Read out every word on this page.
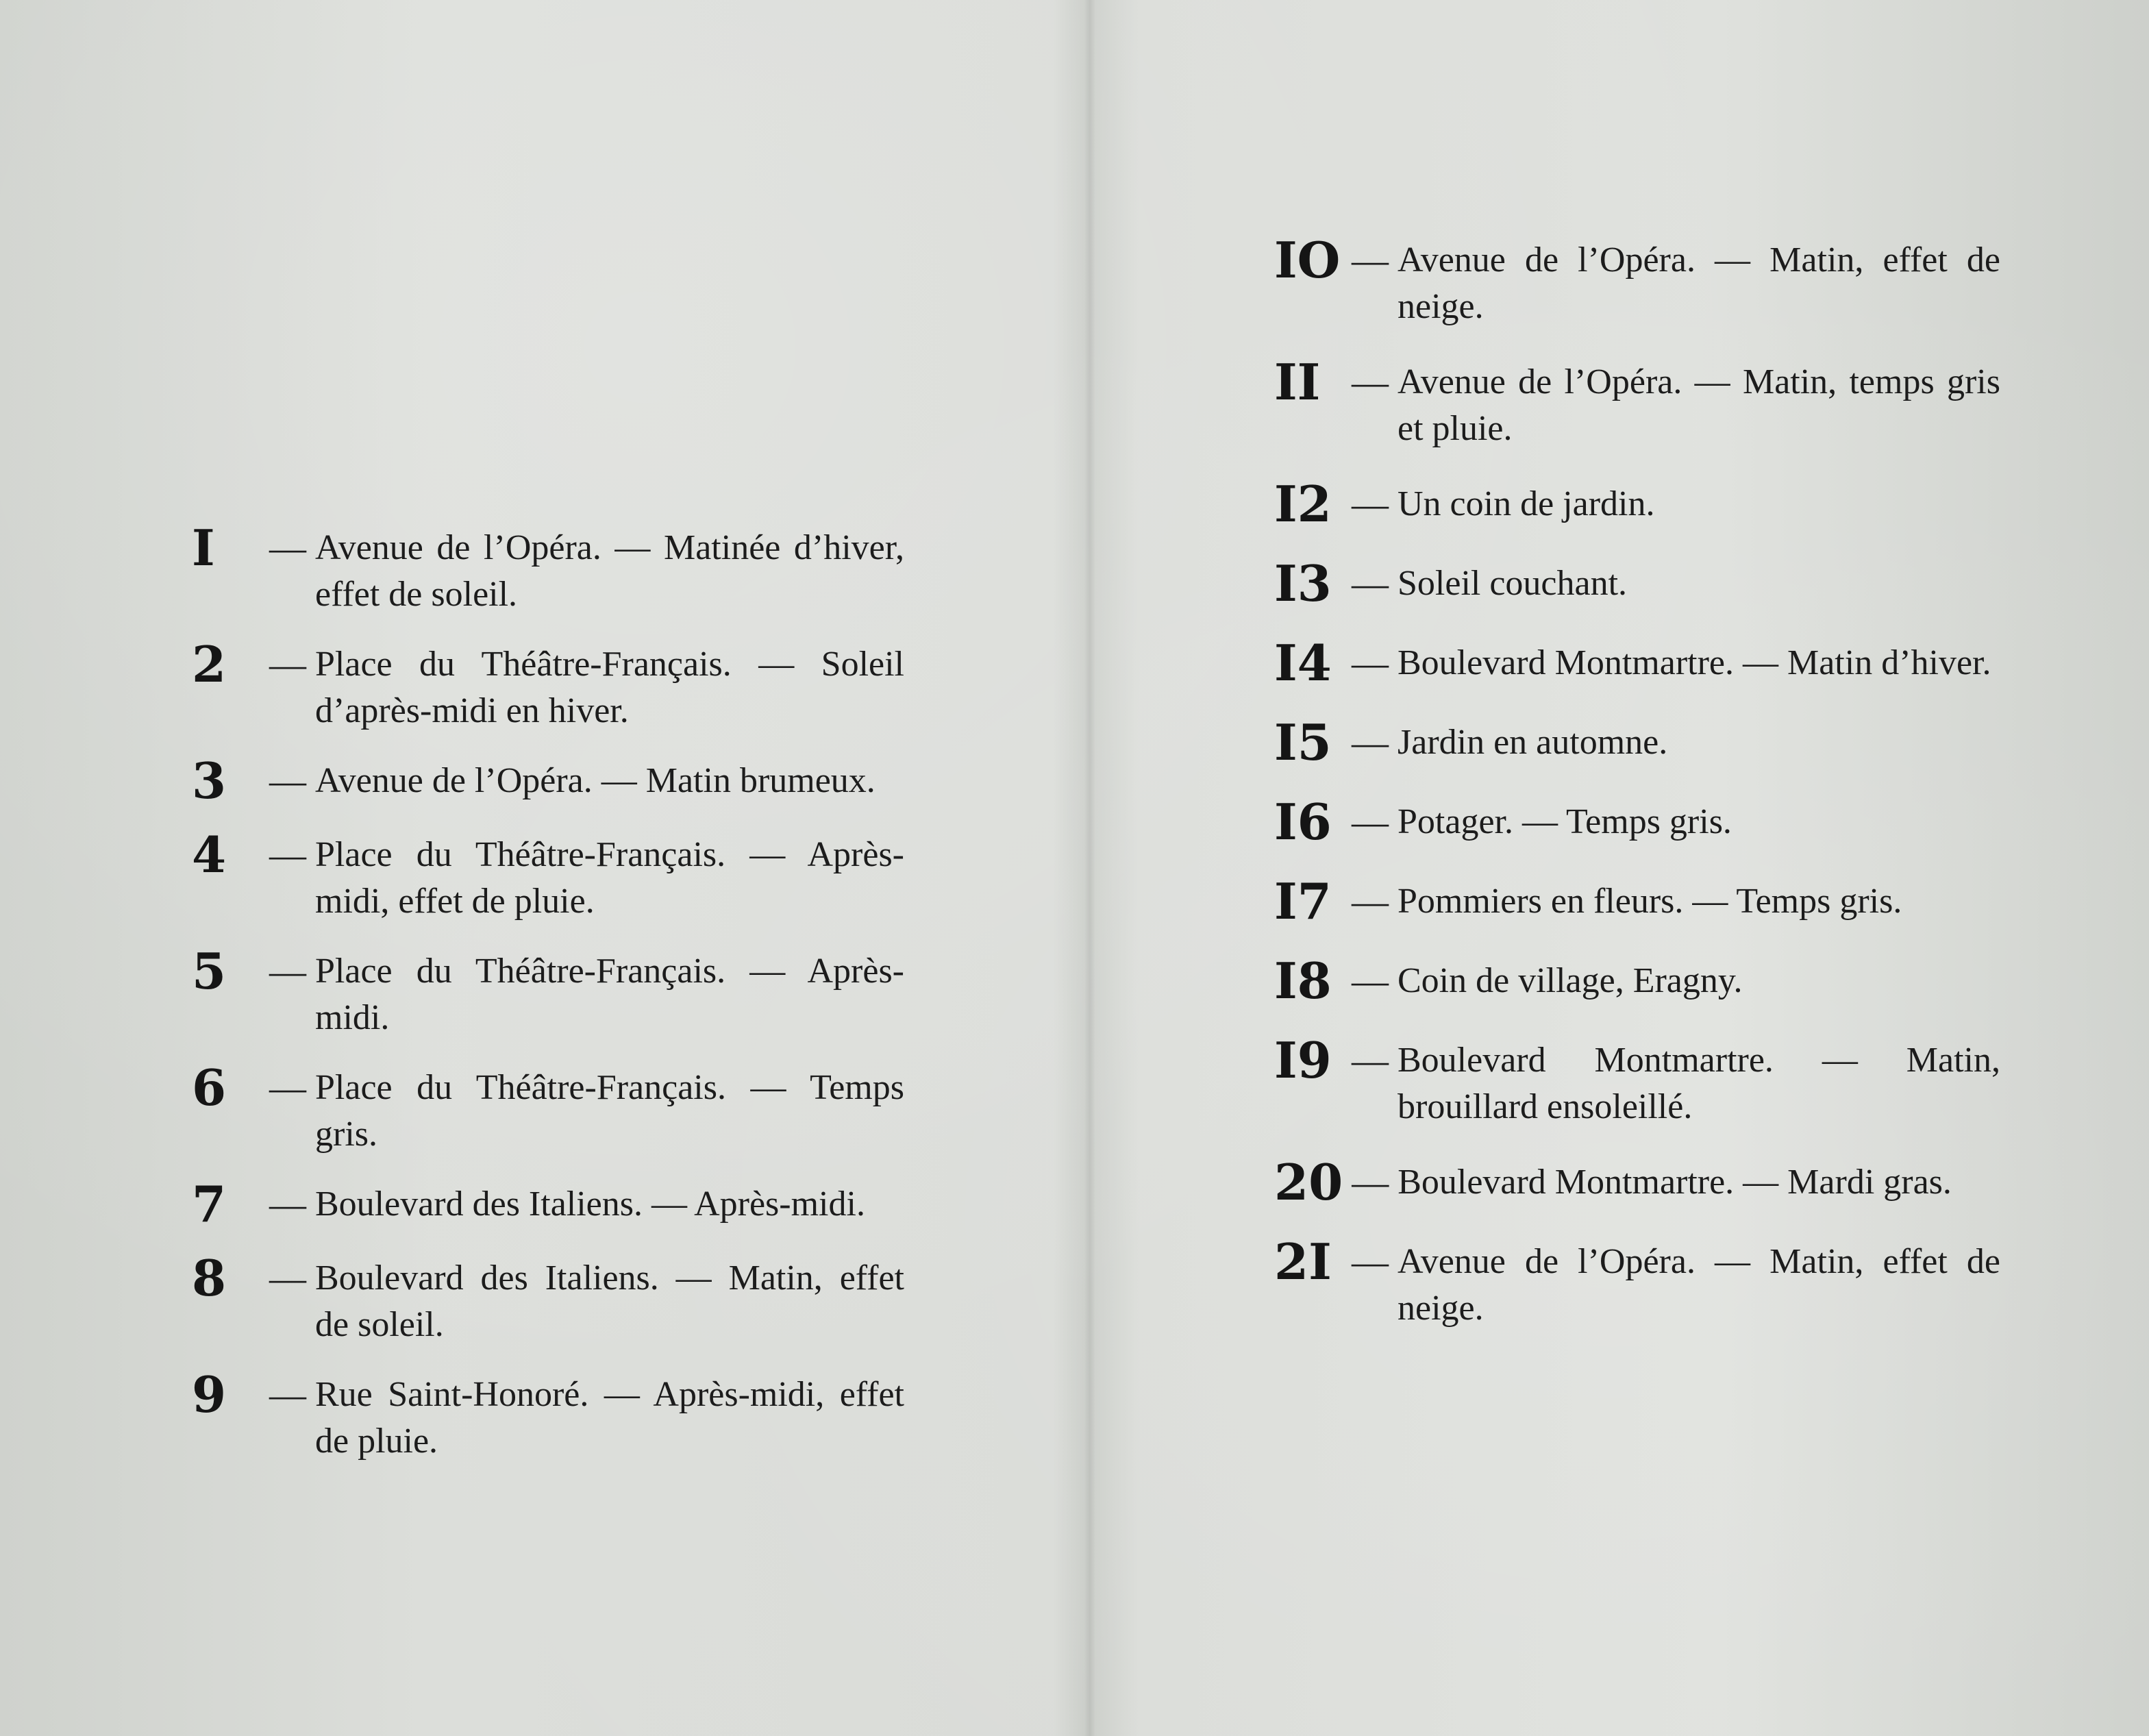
I	— Avenue de l’Opéra. — Matinée d’hiver, effet de soleil.
2	— Place du Théâtre-Français. — Soleil d’après-midi en hiver.
3	— Avenue de l’Opéra. — Matin brumeux.
4	— Place du Théâtre-Français. — Après-midi, effet de pluie.
5	— Place du Théâtre-Français. — Après-midi.
6	— Place du Théâtre-Français. — Temps gris.
7	— Boulevard des Italiens. — Après-midi.
8	— Boulevard des Italiens. — Matin, effet de soleil.
9	— Rue Saint-Honoré. — Après-midi, effet de pluie.
IO — Avenue de l’Opéra. — Matin, effet de neige.
II — Avenue de l’Opéra. — Matin, temps gris et pluie.
I2 — Un coin de jardin.
I3 — Soleil couchant.
I4 — Boulevard Montmartre. — Matin d’hiver.
I5 — Jardin en automne.
I6 — Potager. — Temps gris.
I7 — Pommiers en fleurs. — Temps gris.
I8 — Coin de village, Eragny.
I9 — Boulevard Montmartre. — Matin, brouillard ensoleillé.
20 — Boulevard Montmartre. — Mardi gras.
2I — Avenue de l’Opéra. — Matin, effet de neige.
